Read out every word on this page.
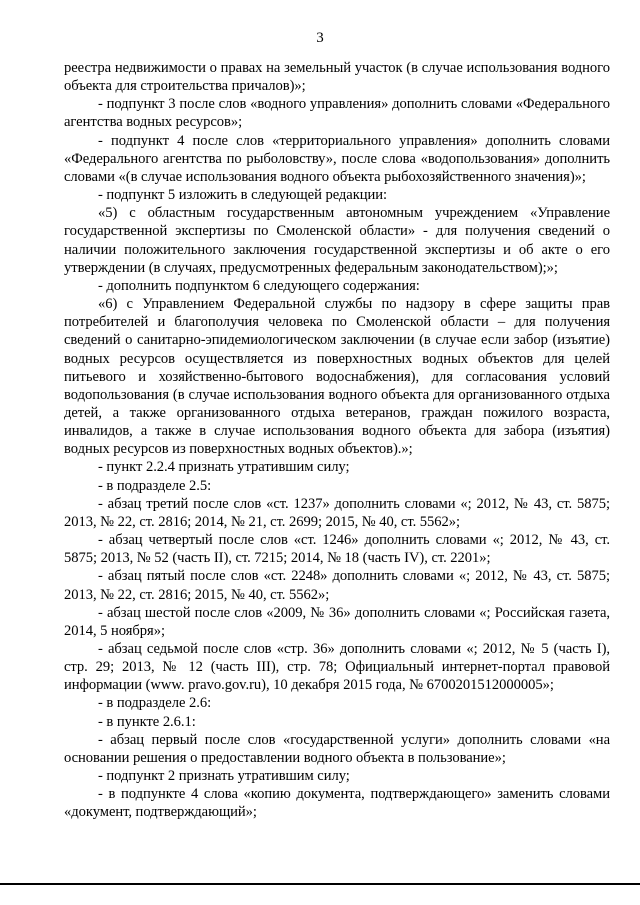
3

реестра недвижимости о правах на земельный участок (в случае использования водного объекта для строительства причалов)»;

- подпункт 3 после слов «водного управления» дополнить словами «Федерального агентства водных ресурсов»;

- подпункт 4 после слов «территориального управления» дополнить словами «Федерального агентства по рыболовству», после слова «водопользования» дополнить словами «(в случае использования водного объекта рыбохозяйственного значения)»;

- подпункт 5 изложить в следующей редакции:

«5) с областным государственным автономным учреждением «Управление государственной экспертизы по Смоленской области» - для получения сведений о наличии положительного заключения государственной экспертизы и об акте о его утверждении (в случаях, предусмотренных федеральным законодательством);»;

- дополнить подпунктом 6 следующего содержания:

«6) с Управлением Федеральной службы по надзору в сфере защиты прав потребителей и благополучия человека по Смоленской области – для получения сведений о санитарно-эпидемиологическом заключении (в случае если забор (изъятие) водных ресурсов осуществляется из поверхностных водных объектов для целей питьевого и хозяйственно-бытового водоснабжения), для согласования условий водопользования (в случае использования водного объекта для организованного отдыха детей, а также организованного отдыха ветеранов, граждан пожилого возраста, инвалидов, а также в случае использования водного объекта для забора (изъятия) водных ресурсов из поверхностных водных объектов).»;

- пункт 2.2.4 признать утратившим силу;

- в подразделе 2.5:

- абзац третий после слов «ст. 1237» дополнить словами «; 2012, № 43, ст. 5875; 2013, № 22, ст. 2816; 2014, № 21, ст. 2699; 2015, № 40, ст. 5562»;

- абзац четвертый после слов «ст. 1246» дополнить словами «; 2012, № 43, ст. 5875; 2013, № 52 (часть II), ст. 7215; 2014, № 18 (часть IV), ст. 2201»;

- абзац пятый после слов «ст. 2248» дополнить словами «; 2012, № 43, ст. 5875; 2013, № 22, ст. 2816; 2015, № 40, ст. 5562»;

- абзац шестой после слов «2009, № 36» дополнить словами «; Российская газета, 2014, 5 ноября»;

- абзац седьмой после слов «стр. 36» дополнить словами «; 2012, № 5 (часть I), стр. 29; 2013, № 12 (часть III), стр. 78; Официальный интернет-портал правовой информации (www. pravo.gov.ru), 10 декабря 2015 года, № 6700201512000005»;

- в подразделе 2.6:

- в пункте 2.6.1:

- абзац первый после слов «государственной услуги» дополнить словами «на основании решения о предоставлении водного объекта в пользование»;

- подпункт 2 признать утратившим силу;

- в подпункте 4 слова «копию документа, подтверждающего» заменить словами «документ, подтверждающий»;
